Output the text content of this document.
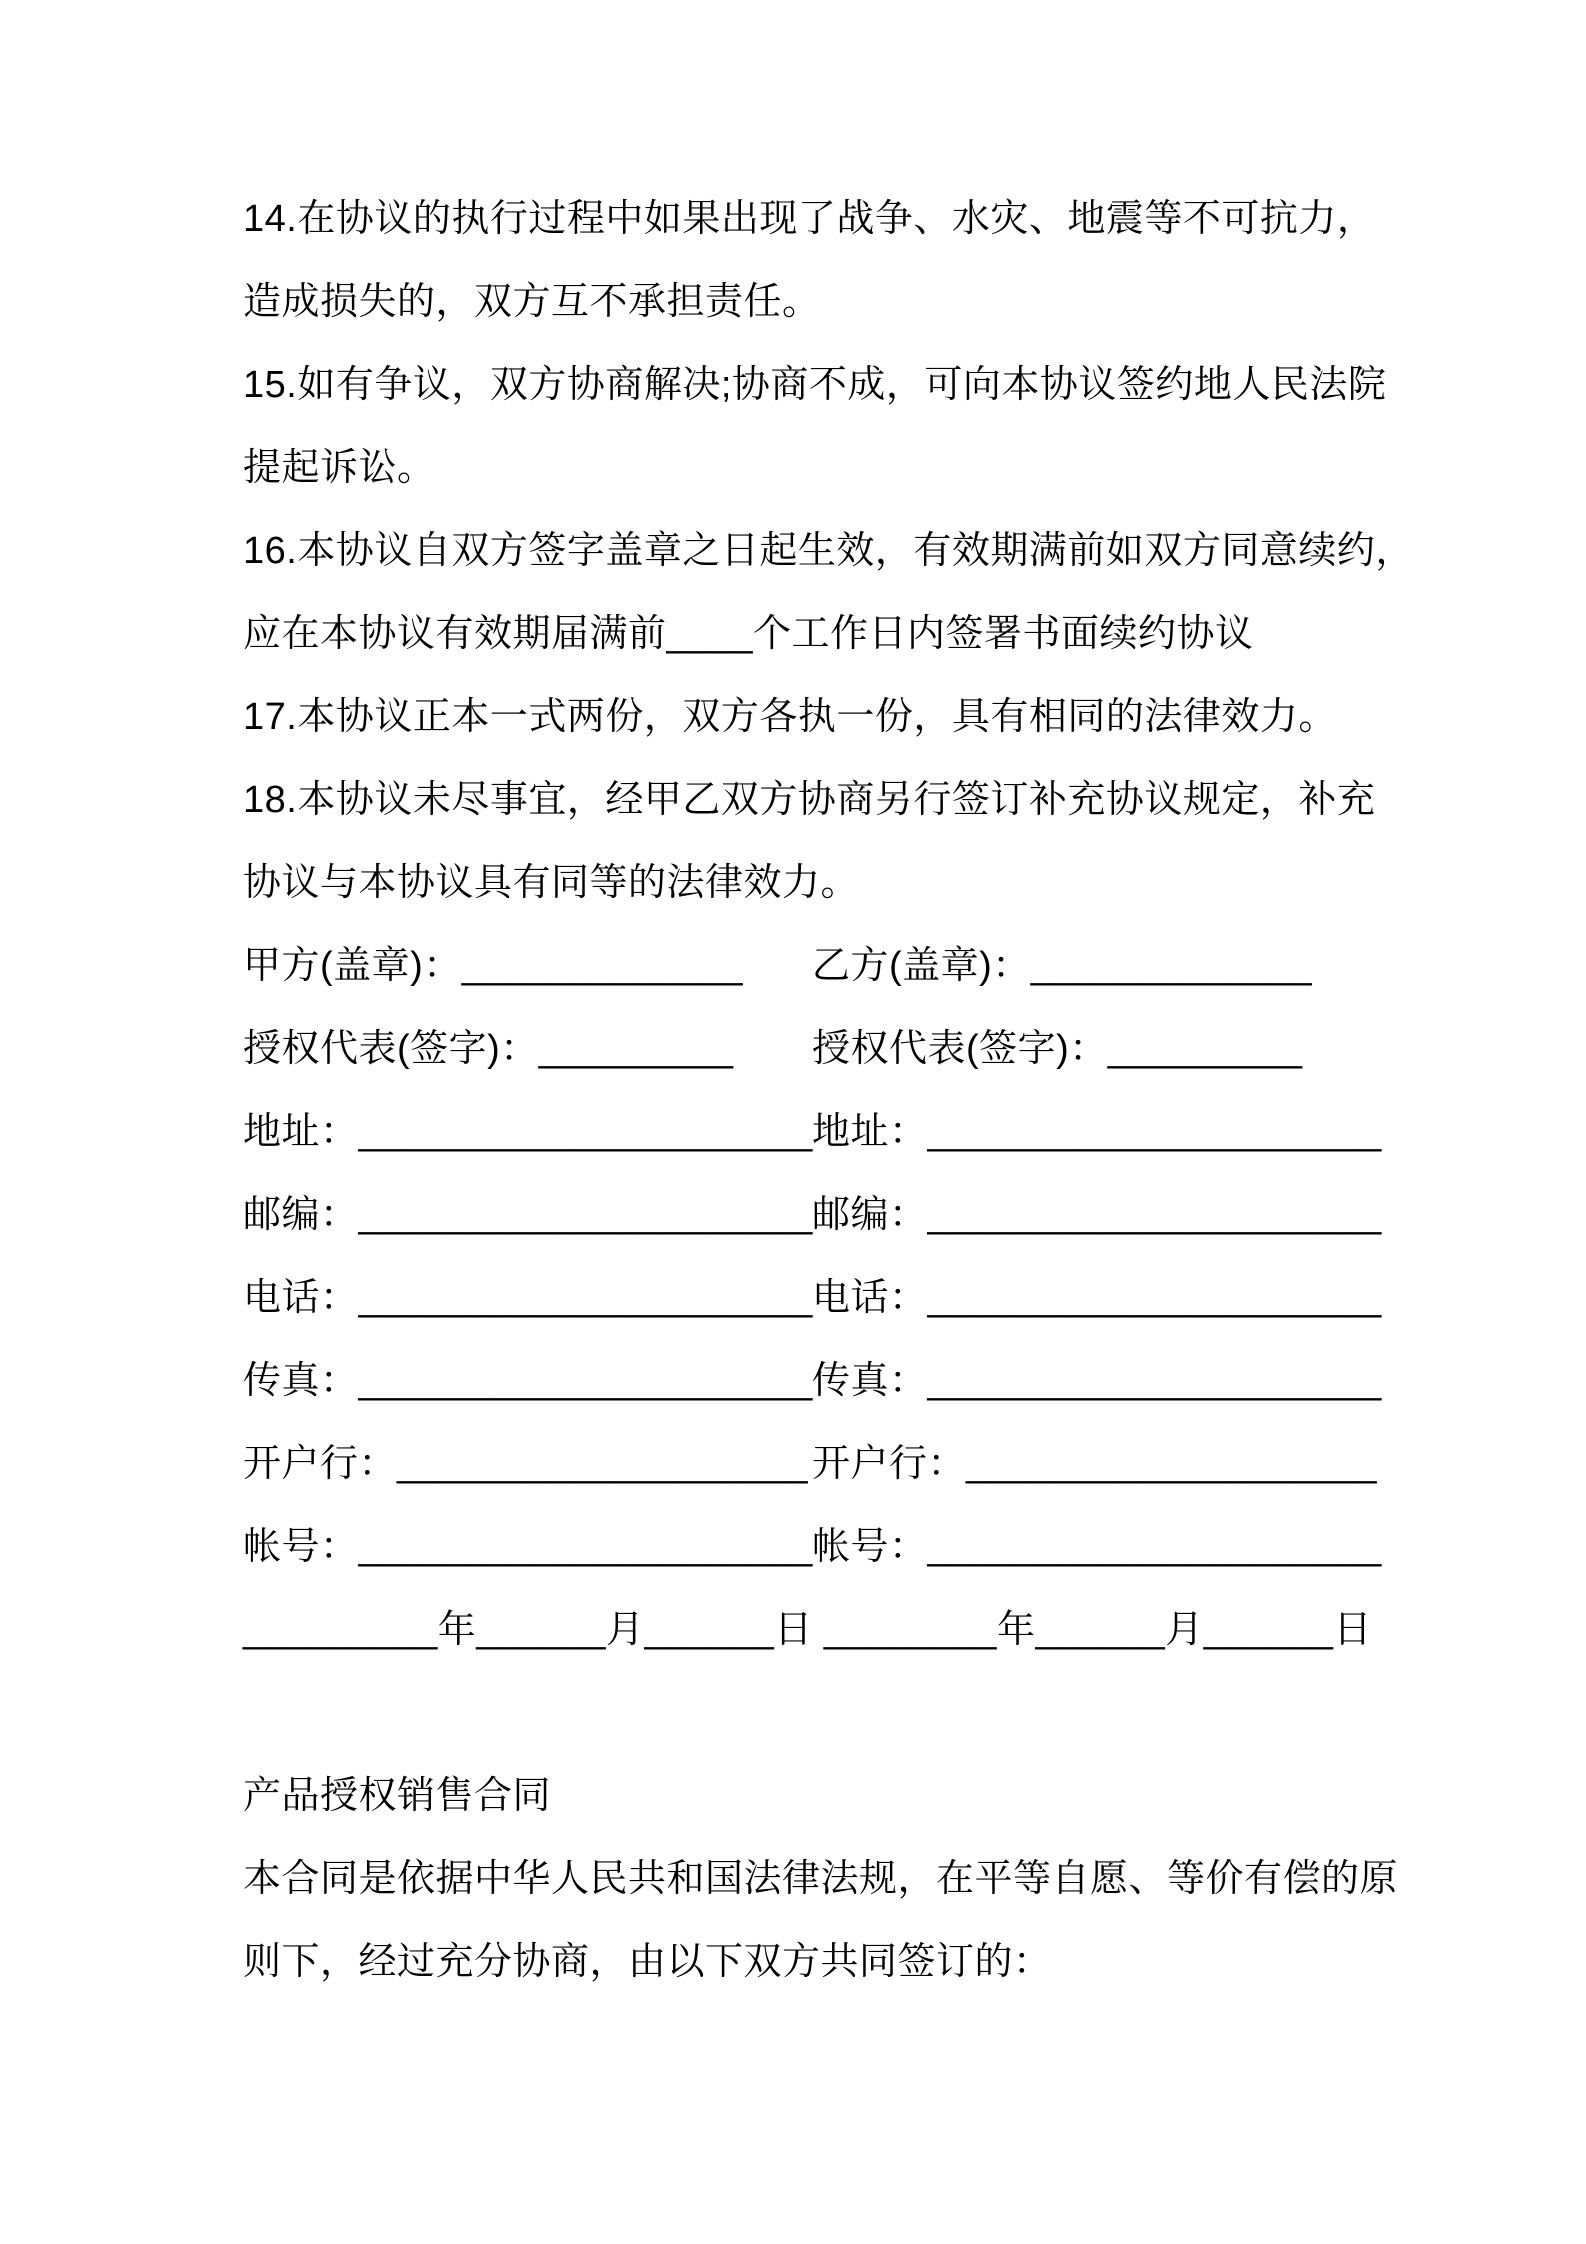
14.在协议的执行过程中如果出现了战争、水灾、地震等不可抗力，

造成损失的，双方互不承担责任。

15.如有争议，双方协商解决;协商不成，可向本协议签约地人民法院

提起诉讼。

16.本协议自双方签字盖章之日起生效，有效期满前如双方同意续约，

应在本协议有效期届满前____个工作日内签署书面续约协议

17.本协议正本一式两份，双方各执一份，具有相同的法律效力。

18.本协议未尽事宜，经甲乙双方协商另行签订补充协议规定，补充

协议与本协议具有同等的法律效力。

甲方(盖章)：_____________	乙方(盖章)：_____________
授权代表(签字)：_________	授权代表(签字)：_________
地址：_____________________ 地址：_____________________
邮编：_____________________ 邮编：_____________________
电话：_____________________ 电话：_____________________
传真：_____________________ 传真：_____________________
开户行：___________________ 开户行：___________________
帐号：_____________________ 帐号：_____________________

_________年______月______日 ________年______月______日

产品授权销售合同

本合同是依据中华人民共和国法律法规，在平等自愿、等价有偿的原

则下，经过充分协商，由以下双方共同签订的：
